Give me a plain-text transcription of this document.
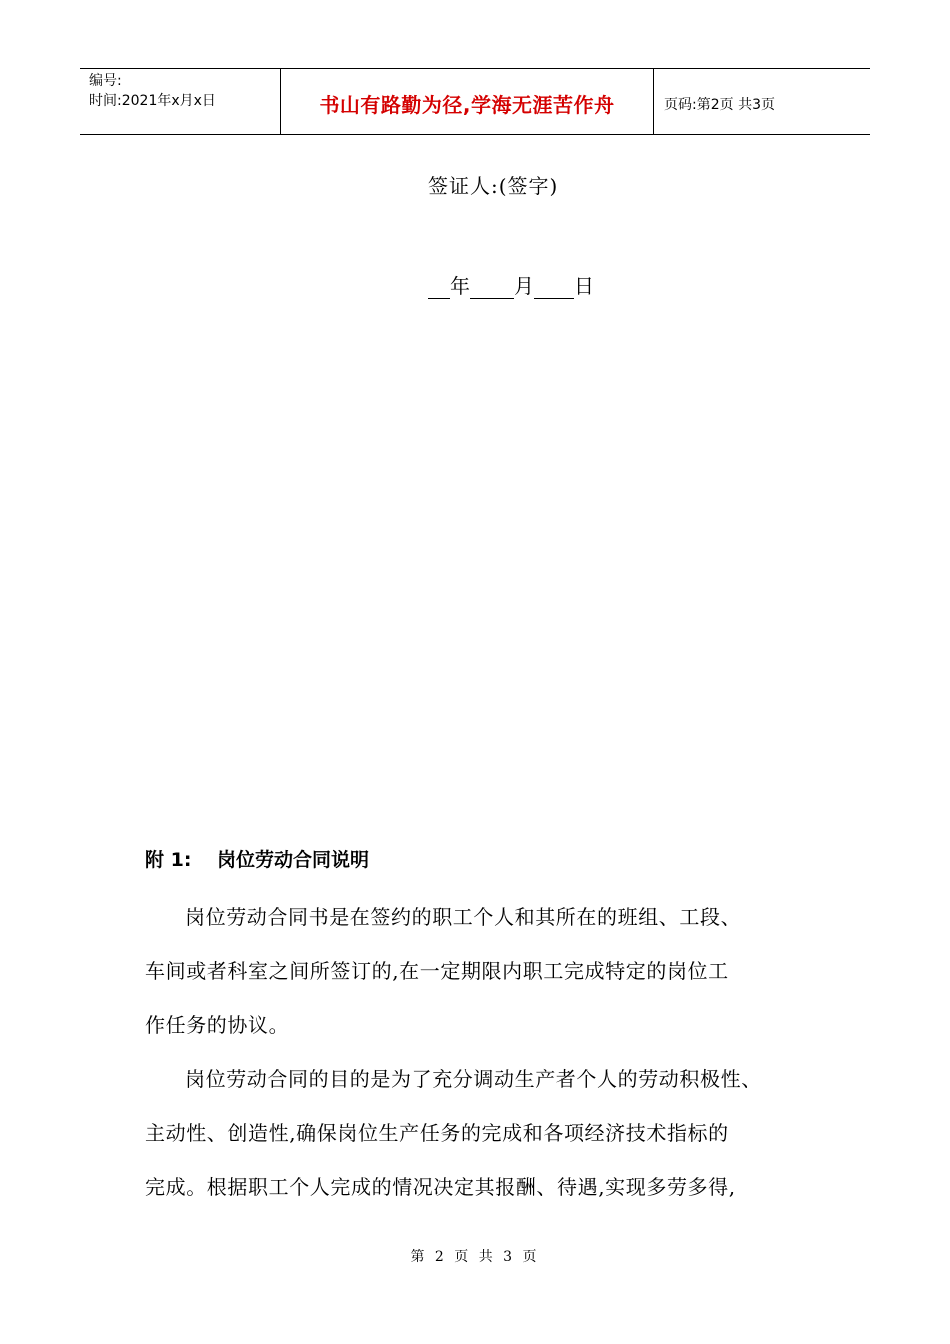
编号:
时间:2021年x月x日	书山有路勤为径,学海无涯苦作舟	页码:第2页 共3页
签证人:(签字)
年 月 日
附 1:	岗位劳动合同说明
岗位劳动合同书是在签约的职工个人和其所在的班组、工段、
车间或者科室之间所签订的,在一定期限内职工完成特定的岗位工
作任务的协议。
岗位劳动合同的目的是为了充分调动生产者个人的劳动积极性、
主动性、创造性,确保岗位生产任务的完成和各项经济技术指标的
完成。根据职工个人完成的情况决定其报酬、待遇,实现多劳多得,
第 2 页 共 3 页
